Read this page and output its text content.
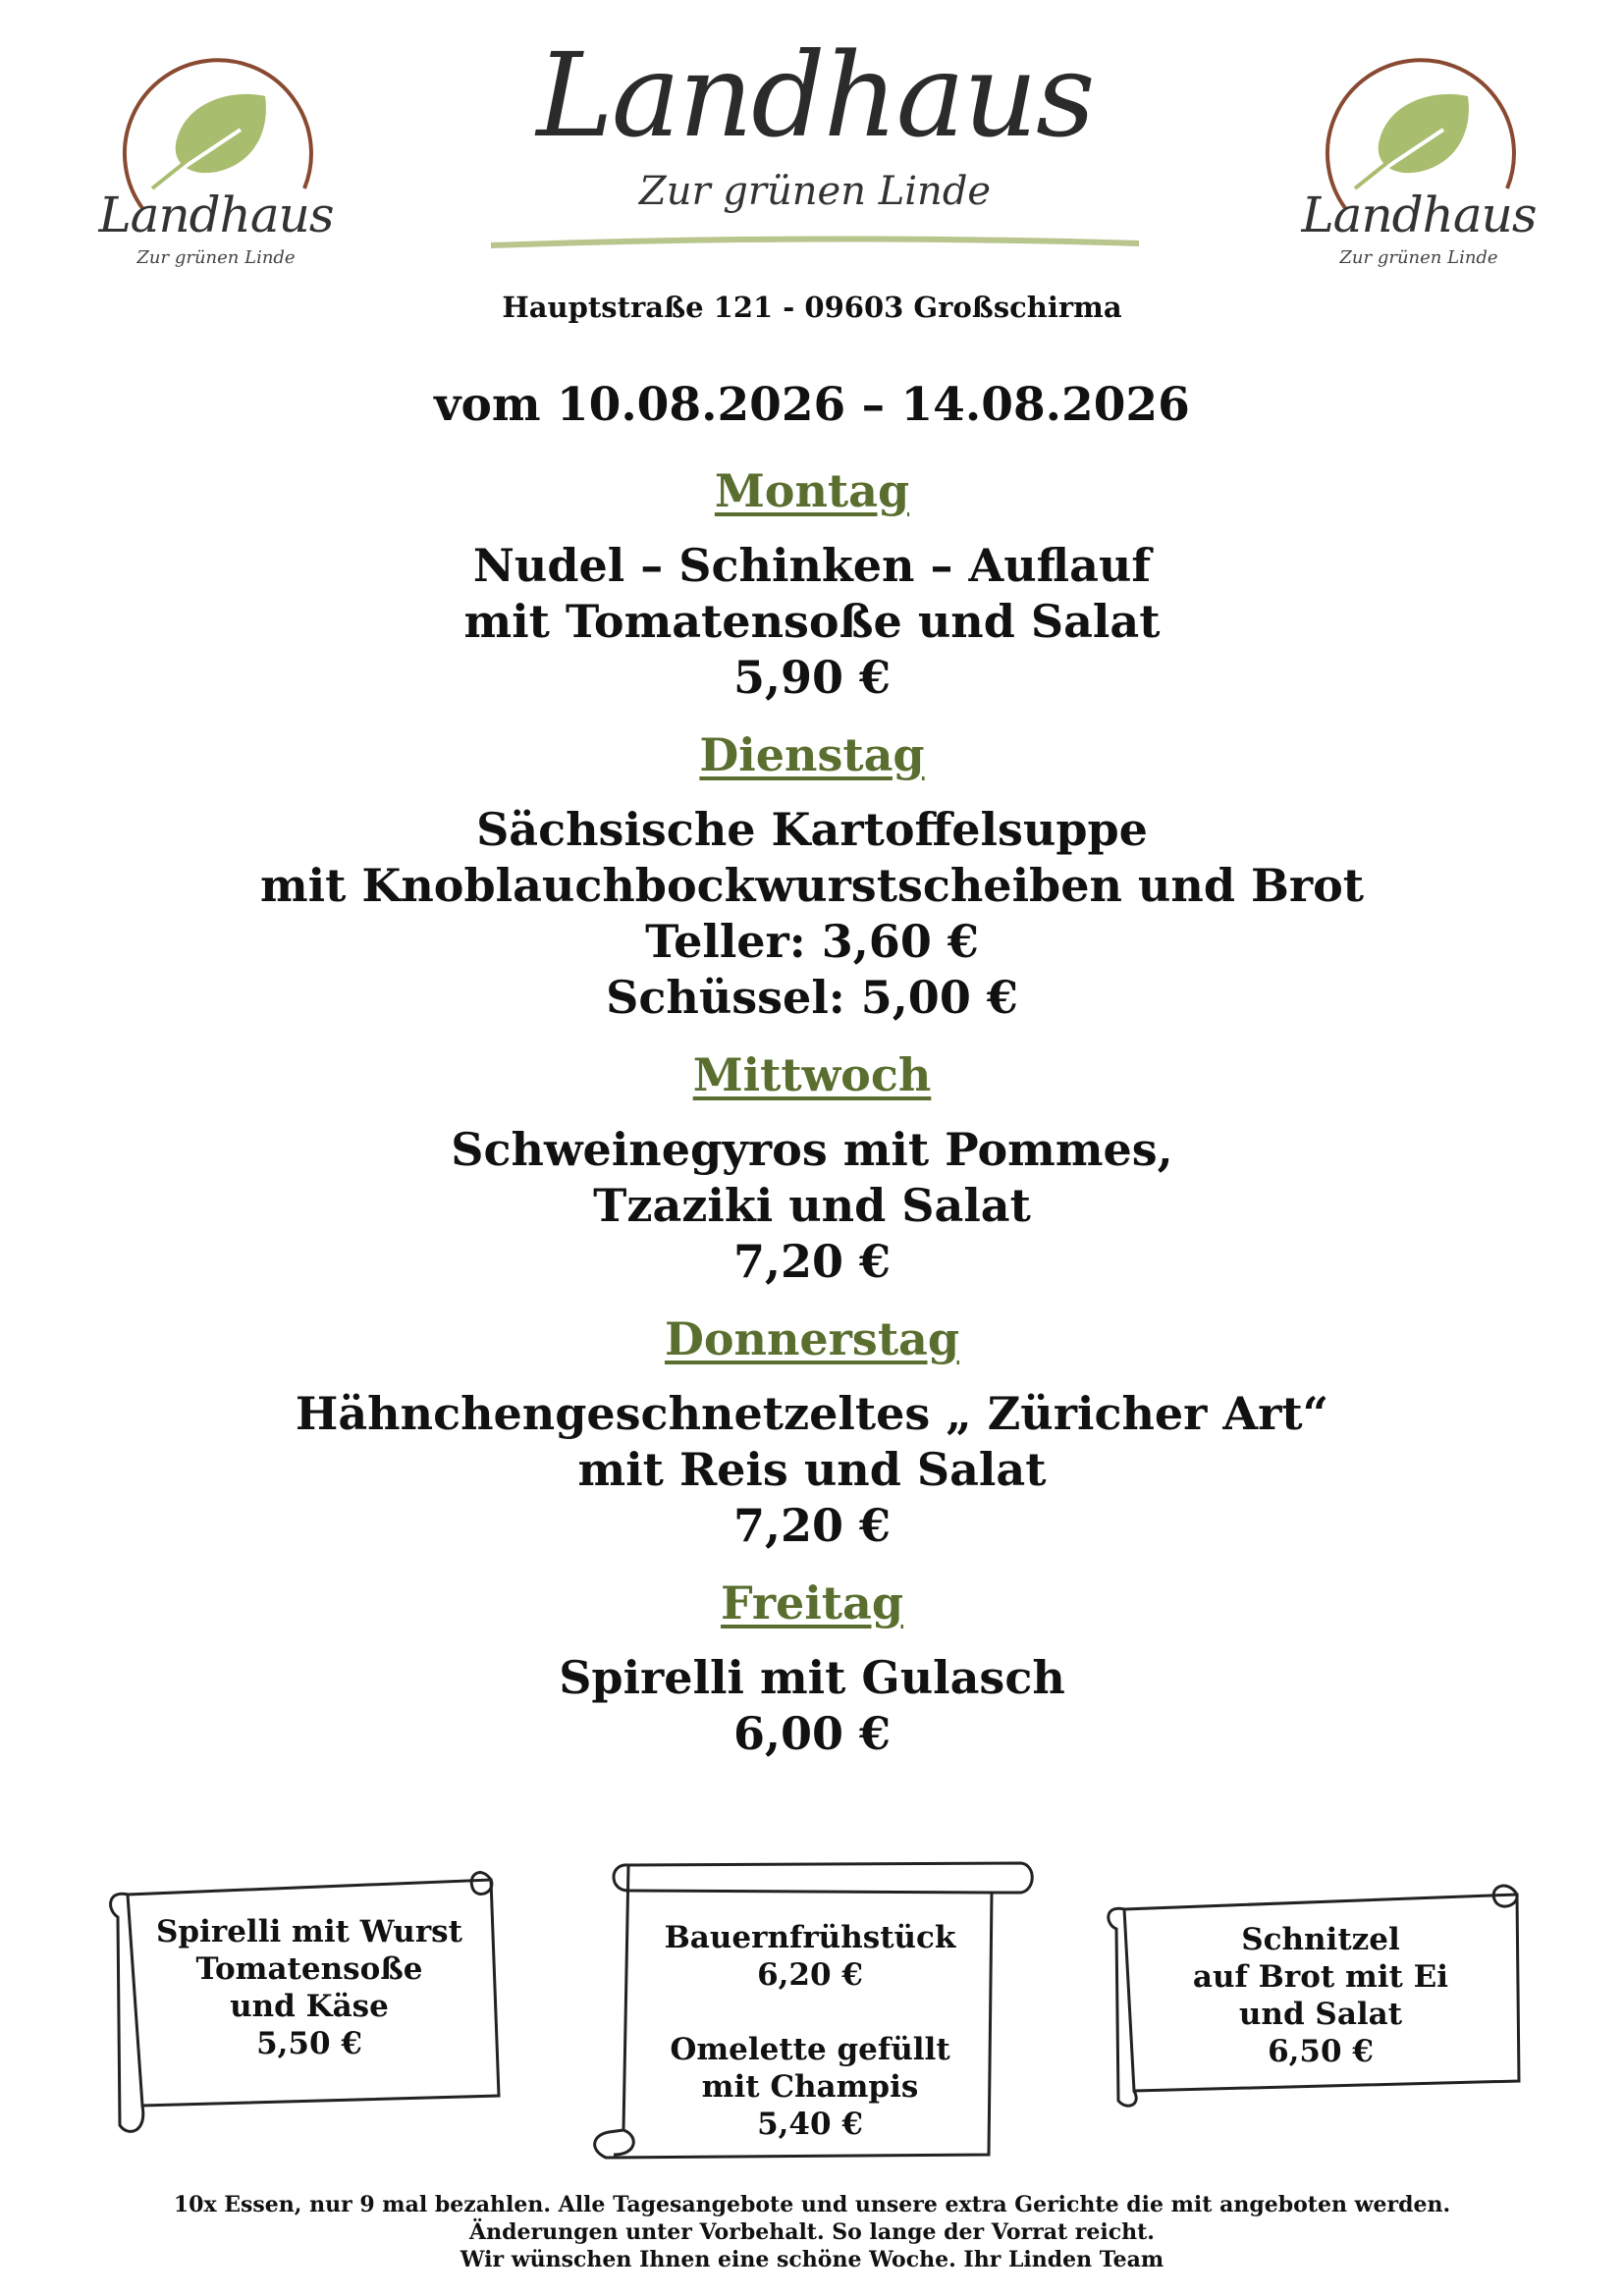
Landhaus
Zur grünen Linde
Landhaus
Zur grünen Linde
Landhaus
Zur grünen Linde
Hauptstraße 121 - 09603 Großschirma
vom 10.08.2026 – 14.08.2026
Montag
Nudel – Schinken – Auflauf
mit Tomatensoße und Salat
5,90 €
Dienstag
Sächsische Kartoffelsuppe
mit Knoblauchbockwurstscheiben und Brot
Teller: 3,60 €
Schüssel: 5,00 €
Mittwoch
Schweinegyros mit Pommes,
Tzaziki und Salat
7,20 €
Donnerstag
Hähnchengeschnetzeltes „ Züricher Art“
mit Reis und Salat
7,20 €
Freitag
Spirelli mit Gulasch
6,00 €
Spirelli mit Wurst
Tomatensoße
und Käse
5,50 €
Bauernfrühstück
6,20 €
Omelette gefüllt
mit Champis
5,40 €
Schnitzel
auf Brot mit Ei
und Salat
6,50 €
10x Essen, nur 9 mal bezahlen. Alle Tagesangebote und unsere extra Gerichte die mit angeboten werden.
Änderungen unter Vorbehalt. So lange der Vorrat reicht.
Wir wünschen Ihnen eine schöne Woche. Ihr Linden Team
